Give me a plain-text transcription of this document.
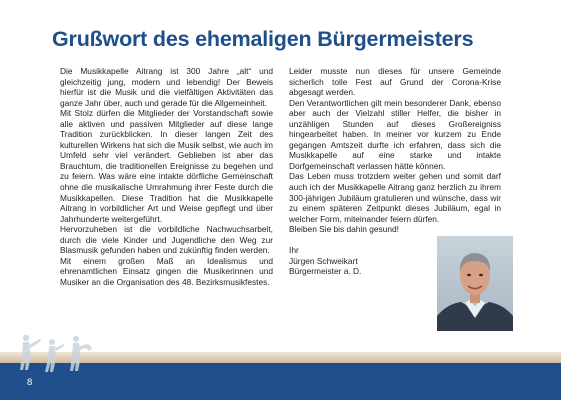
Grußwort des ehemaligen Bürgermeisters

Die Musikkapelle Aitrang ist 300 Jahre „alt“ und gleichzeitig jung, modern und lebendig! Der Beweis hierfür ist die Musik und die vielfältigen Aktivitäten das ganze Jahr über, auch und gerade für die Allgemeinheit.

Mit Stolz dürfen die Mitglieder der Vorstandschaft sowie alle aktiven und passiven Mitglieder auf diese lange Tradition zurückblicken. In dieser langen Zeit des kulturellen Wirkens hat sich die Musik selbst, wie auch im Umfeld sehr viel verändert. Geblieben ist aber das Brauchtum, die traditionellen Ereignisse zu begehen und zu feiern. Was wäre eine intakte dörfliche Gemeinschaft ohne die musikalische Umrahmung ihrer Feste durch die Musikkapellen. Diese Tradition hat die Musikkapelle Aitrang in vorbildlicher Art und Weise gepflegt und über Jahrhunderte weitergeführt.

Hervorzuheben ist die vorbildliche Nachwuchsarbeit, durch die viele Kinder und Jugendliche den Weg zur Blasmusik gefunden haben und zukünftig finden werden.

Mit einem großen Maß an Idealismus und ehrenamtlichen Einsatz gingen die Musikerinnen und Musiker an die Organisation des 48. Bezirksmusikfestes.

Leider musste nun dieses für unsere Gemeinde sicherlich tolle Fest auf Grund der Corona-Krise abgesagt werden.

Den Verantwortlichen gilt mein besonderer Dank, ebenso aber auch der Vielzahl stiller Helfer, die bisher in unzähligen Stunden auf dieses Großereigniss hingearbeitet haben. In meiner vor kurzem zu Ende gegangen Amtszeit durfte ich erfahren, dass sich die Musikkapelle auf eine starke und intakte Dorfgemeinschaft verlassen hätte können.

Das Leben muss trotzdem weiter gehen und somit darf auch ich der Musikkapelle Aitrang ganz herzlich zu ihrem 300-jährigen Jubiläum gratulieren und wünsche, dass wir zu einem späteren Zeitpunkt dieses Jubiläum, egal in welcher Form, miteinander feiern dürfen.

Bleiben Sie bis dahin gesund!

Ihr

Jürgen Schweikart

Bürgermeister a. D.

8
